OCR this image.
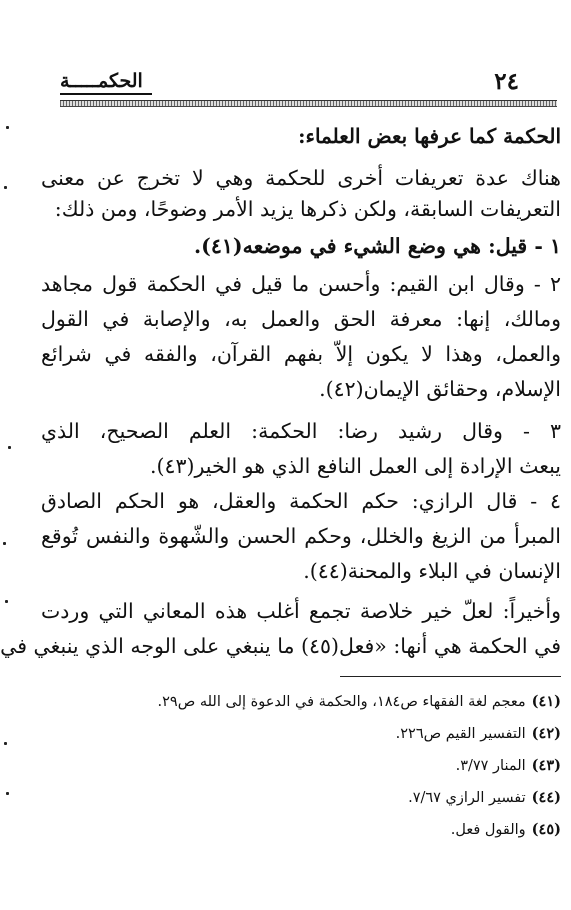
٢٤
الحكمـــــة
الحكمة كما عرفها بعض العلماء:
هناك عدة تعريفات أخرى للحكمة وهي لا تخرج عن معنى
التعريفات السابقة، ولكن ذكرها يزيد الأمر وضوحًا، ومن ذلك:
١ - قيل: هي وضع الشيء في موضعه(٤١).
٢ - وقال ابن القيم: وأحسن ما قيل في الحكمة قول مجاهد
ومالك، إنها: معرفة الحق والعمل به، والإصابة في القول
والعمل، وهذا لا يكون إلاّ بفهم القرآن، والفقه في شرائع
الإسلام، وحقائق الإيمان(٤٢).
٣ - وقال رشيد رضا: الحكمة: العلم الصحيح، الذي
يبعث الإرادة إلى العمل النافع الذي هو الخير(٤٣).
٤ - قال الرازي: حكم الحكمة والعقل، هو الحكم الصادق
المبرأ من الزيغ والخلل، وحكم الحسن والشّهوة والنفس تُوقع
الإنسان في البلاء والمحنة(٤٤).
وأخيراً: لعلّ خير خلاصة تجمع أغلب هذه المعاني التي وردت
في الحكمة هي أنها: «فعل(٤٥) ما ينبغي على الوجه الذي ينبغي في
(٤١)معجم لغة الفقهاء ص١٨٤، والحكمة في الدعوة إلى الله ص٢٩.
(٤٢)التفسير القيم ص٢٢٦.
(٤٣)المنار ٣/٧٧.
(٤٤)تفسير الرازي ٧/٦٧.
(٤٥)والقول فعل.
